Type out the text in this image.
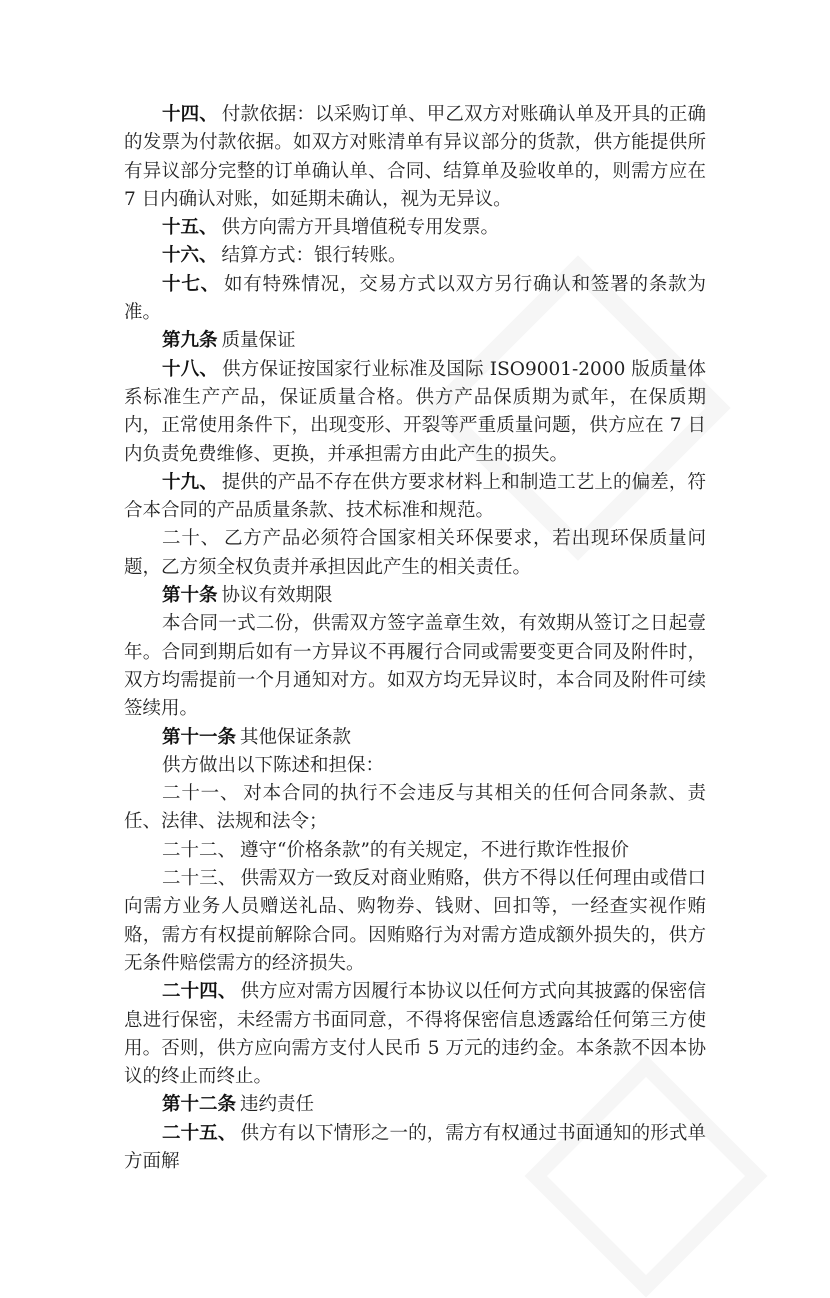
十四、 付款依据：以采购订单、甲乙双方对账确认单及开具的正确的发票为付款依据。如双方对账清单有异议部分的货款，供方能提供所有异议部分完整的订单确认单、合同、结算单及验收单的，则需方应在 7 日内确认对账，如延期未确认，视为无异议。

十五、 供方向需方开具增值税专用发票。

十六、 结算方式：银行转账。

十七、 如有特殊情况，交易方式以双方另行确认和签署的条款为准。

第九条 质量保证

十八、 供方保证按国家行业标准及国际 ISO9001-2000 版质量体系标准生产产品，保证质量合格。供方产品保质期为贰年，在保质期内，正常使用条件下，出现变形、开裂等严重质量问题，供方应在 7 日内负责免费维修、更换，并承担需方由此产生的损失。

十九、 提供的产品不存在供方要求材料上和制造工艺上的偏差，符合本合同的产品质量条款、技术标准和规范。

二十、 乙方产品必须符合国家相关环保要求，若出现环保质量问题，乙方须全权负责并承担因此产生的相关责任。

第十条 协议有效期限

本合同一式二份，供需双方签字盖章生效，有效期从签订之日起壹年。合同到期后如有一方异议不再履行合同或需要变更合同及附件时，双方均需提前一个月通知对方。如双方均无异议时，本合同及附件可续签续用。

第十一条 其他保证条款

供方做出以下陈述和担保：

二十一、 对本合同的执行不会违反与其相关的任何合同条款、责任、法律、法规和法令；

二十二、 遵守“价格条款”的有关规定，不进行欺诈性报价

二十三、 供需双方一致反对商业贿赂，供方不得以任何理由或借口向需方业务人员赠送礼品、购物券、钱财、回扣等，一经查实视作贿赂，需方有权提前解除合同。因贿赂行为对需方造成额外损失的，供方无条件赔偿需方的经济损失。

二十四、 供方应对需方因履行本协议以任何方式向其披露的保密信息进行保密，未经需方书面同意，不得将保密信息透露给任何第三方使用。否则，供方应向需方支付人民币 5 万元的违约金。本条款不因本协议的终止而终止。

第十二条 违约责任

二十五、 供方有以下情形之一的，需方有权通过书面通知的形式单方面解
